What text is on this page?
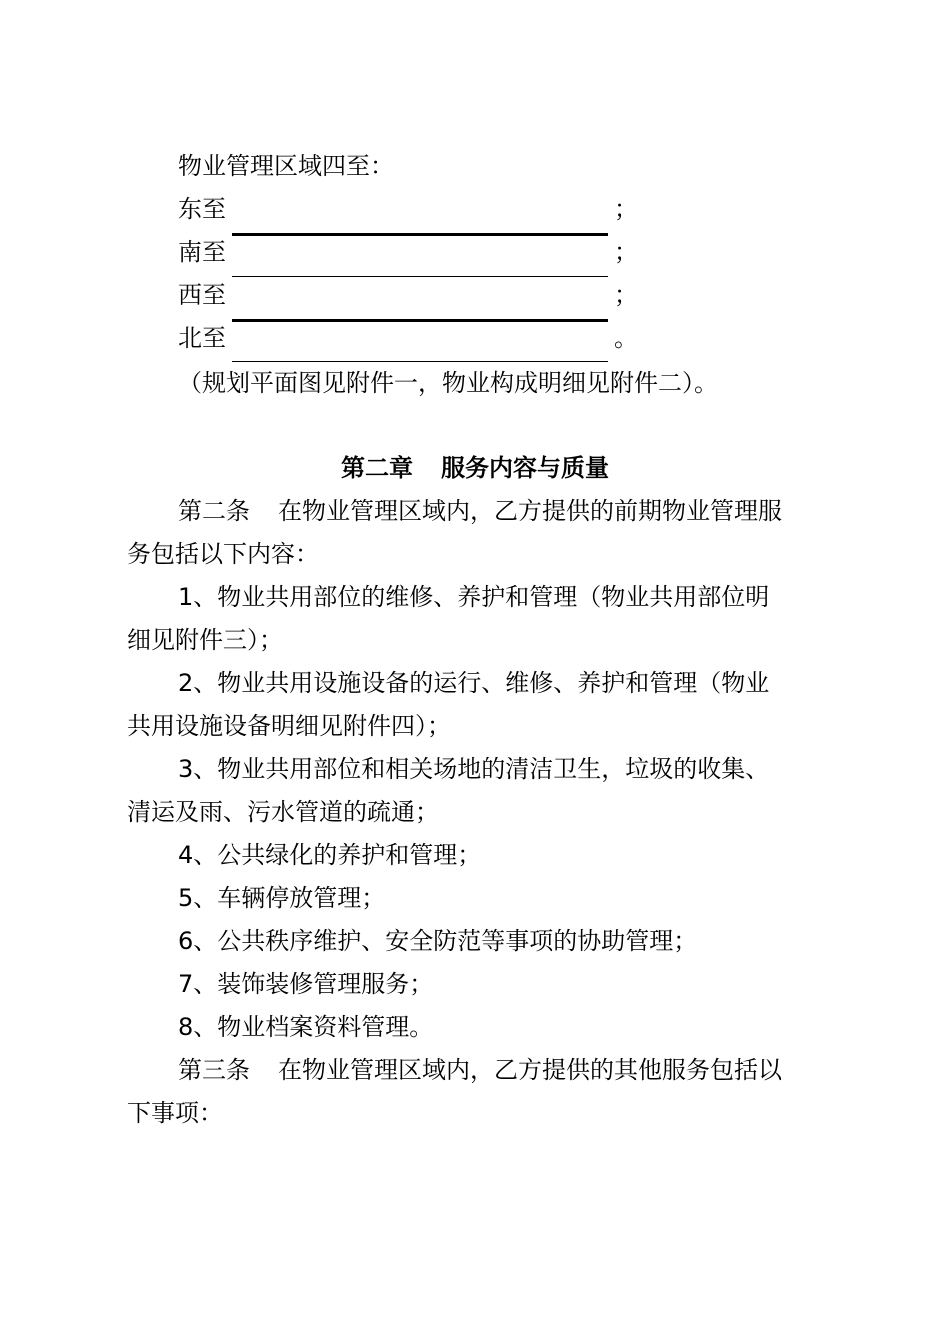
物业管理区域四至：
东至	；
南至	；
西至	；
北至	。
（规划平面图见附件一，物业构成明细见附件二）。
第二章 服务内容与质量
第二条 在物业管理区域内，乙方提供的前期物业管理服
务包括以下内容：
1、物业共用部位的维修、养护和管理（物业共用部位明
细见附件三）；
2、物业共用设施设备的运行、维修、养护和管理（物业
共用设施设备明细见附件四）；
3、物业共用部位和相关场地的清洁卫生，垃圾的收集、
清运及雨、污水管道的疏通；
4、公共绿化的养护和管理；
5、车辆停放管理；
6、公共秩序维护、安全防范等事项的协助管理；
7、装饰装修管理服务；
8、物业档案资料管理。
第三条 在物业管理区域内，乙方提供的其他服务包括以
下事项：
